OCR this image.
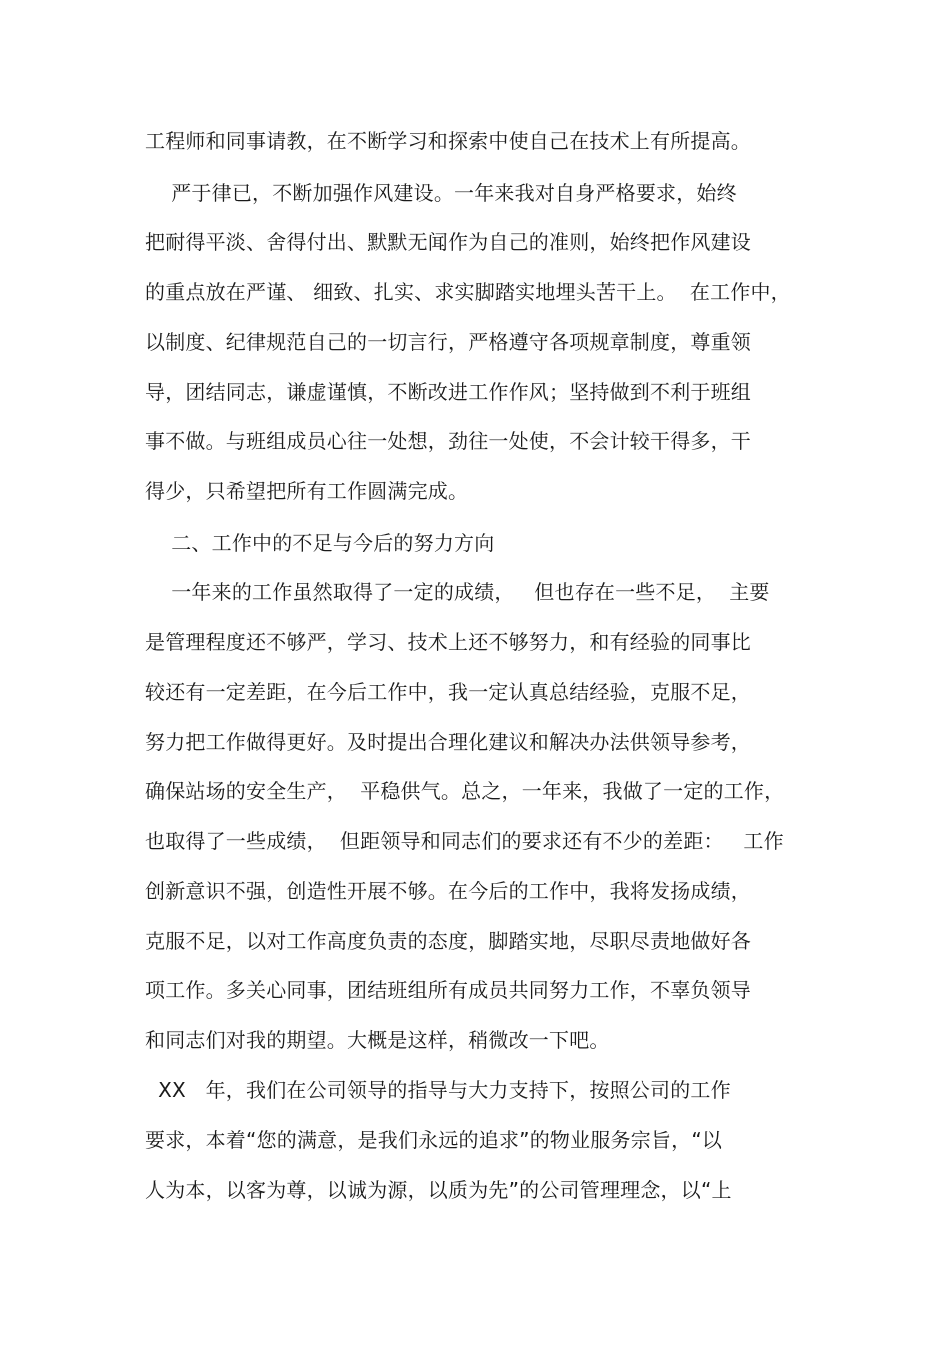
工程师和同事请教，在不断学习和探索中使自己在技术上有所提高。
严于律已，不断加强作风建设。一年来我对自身严格要求，始终
把耐得平淡、舍得付出、默默无闻作为自己的准则，始终把作风建设
的重点放在严谨、 细致、扎实、求实脚踏实地埋头苦干上。  在工作中，
以制度、纪律规范自己的一切言行，严格遵守各项规章制度，尊重领
导，团结同志，谦虚谨慎，不断改进工作作风；坚持做到不利于班组
事不做。与班组成员心往一处想，劲往一处使，不会计较干得多，干
得少，只希望把所有工作圆满完成。
二、工作中的不足与今后的努力方向
一年来的工作虽然取得了一定的成绩，   但也存在一些不足，  主要
是管理程度还不够严，学习、技术上还不够努力，和有经验的同事比
较还有一定差距，在今后工作中，我一定认真总结经验，克服不足，
努力把工作做得更好。及时提出合理化建议和解决办法供领导参考，
确保站场的安全生产，  平稳供气。总之，一年来，我做了一定的工作，
也取得了一些成绩，  但距领导和同志们的要求还有不少的差距：   工作
创新意识不强，创造性开展不够。在今后的工作中，我将发扬成绩，
克服不足，以对工作高度负责的态度，脚踏实地，尽职尽责地做好各
项工作。多关心同事，团结班组所有成员共同努力工作，不辜负领导
和同志们对我的期望。大概是这样，稍微改一下吧。
XX   年，我们在公司领导的指导与大力支持下，按照公司的工作
要求，本着“您的满意，是我们永远的追求”的物业服务宗旨，“以
人为本，以客为尊，以诚为源，以质为先”的公司管理理念，以“上
